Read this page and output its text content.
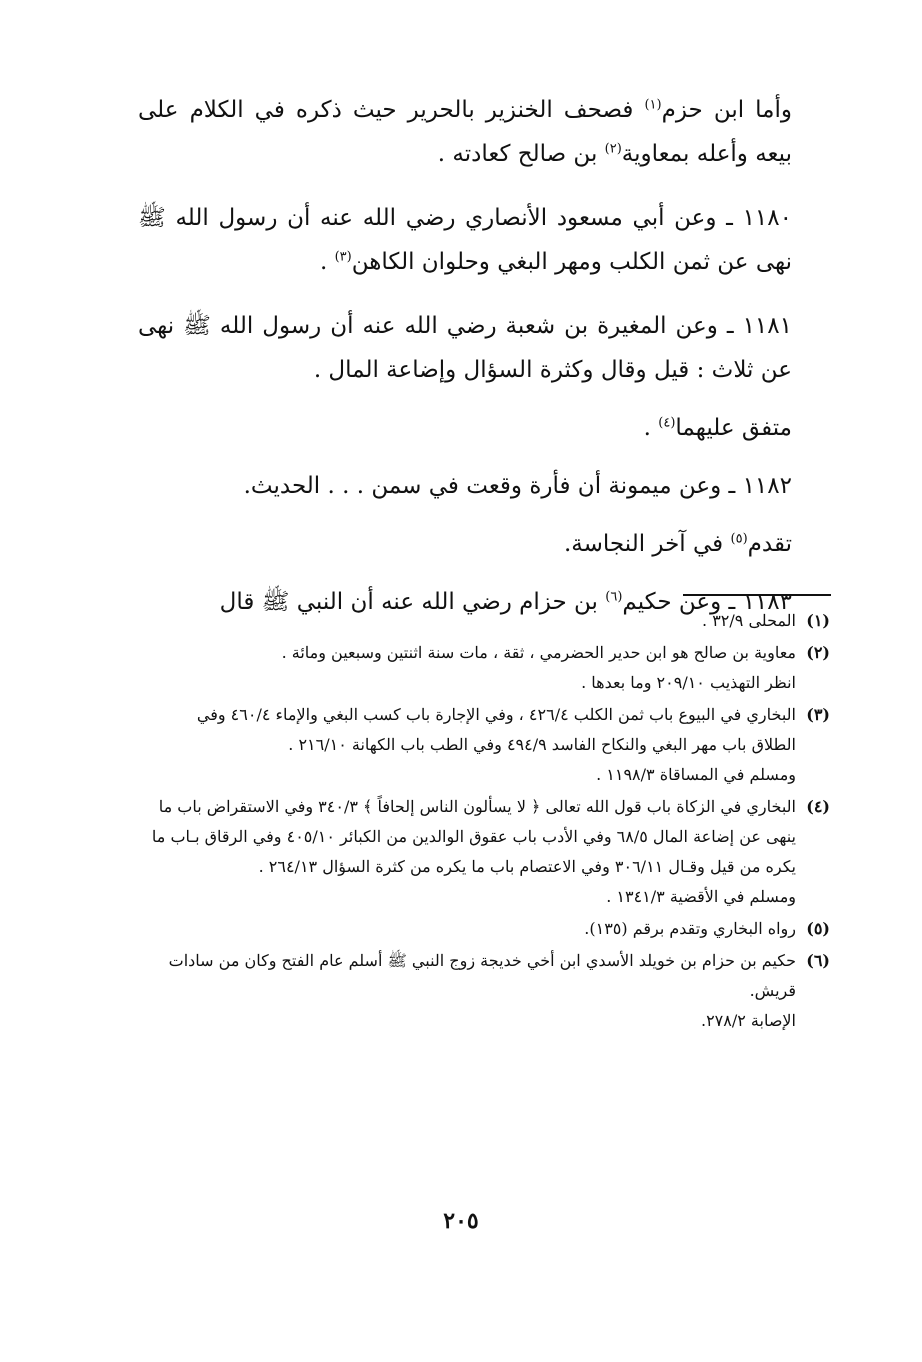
وأما ابن حزم$^{(١)}$ فصحف الخنزير بالحرير حيث ذكره في الكلام على بيعه وأعله بمعاوية$^{(٢)}$ بن صالح كعادته .

١١٨٠ ـ وعن أبي مسعود الأنصاري رضي الله عنه أن رسول الله ﷺ نهى عن ثمن الكلب ومهر البغي وحلوان الكاهن$^{(٣)}$ .

١١٨١ ـ وعن المغيرة بن شعبة رضي الله عنه أن رسول الله ﷺ نهى عن ثلاث : قيل وقال وكثرة السؤال وإضاعة المال .

متفق عليهما$^{(٤)}$ .

١١٨٢ ـ وعن ميمونة أن فأرة وقعت في سمن . . . الحديث.

تقدم$^{(٥)}$ في آخر النجاسة.

١١٨٣ ـ وعن حكيم$^{(٦)}$ بن حزام رضي الله عنه أن النبي ﷺ قال

(١)
المحلى ٣٢/٩ .
(٢)
معاوية بن صالح هو ابن حدير الحضرمي ، ثقة ، مات سنة اثنتين وسبعين ومائة .
انظر التهذيب ٢٠٩/١٠ وما بعدها .
(٣)
البخاري في البيوع باب ثمن الكلب ٤٢٦/٤ ، وفي الإجارة باب كسب البغي والإماء ٤٦٠/٤ وفي الطلاق باب مهر البغي والنكاح الفاسد ٤٩٤/٩ وفي الطب باب الكهانة ٢١٦/١٠ .
ومسلم في المساقاة ١١٩٨/٣ .
(٤)
البخاري في الزكاة باب قول الله تعالى ﴿ لا يسألون الناس إلحافاً ﴾ ٣٤٠/٣ وفي الاستقراض باب ما ينهى عن إضاعة المال ٦٨/٥ وفي الأدب باب عقوق الوالدين من الكبائر ٤٠٥/١٠ وفي الرقاق بـاب ما يكره من قيل وقـال ٣٠٦/١١ وفي الاعتصام باب ما يكره من كثرة السؤال ٢٦٤/١٣ .
ومسلم في الأقضية ١٣٤١/٣ .
(٥)
رواه البخاري وتقدم برقم (١٣٥).
(٦)
حكيم بن حزام بن خويلد الأسدي ابن أخي خديجة زوج النبي ﷺ أسلم عام الفتح وكان من سادات قريش.
الإصابة ٢٧٨/٢.
٢٠٥
